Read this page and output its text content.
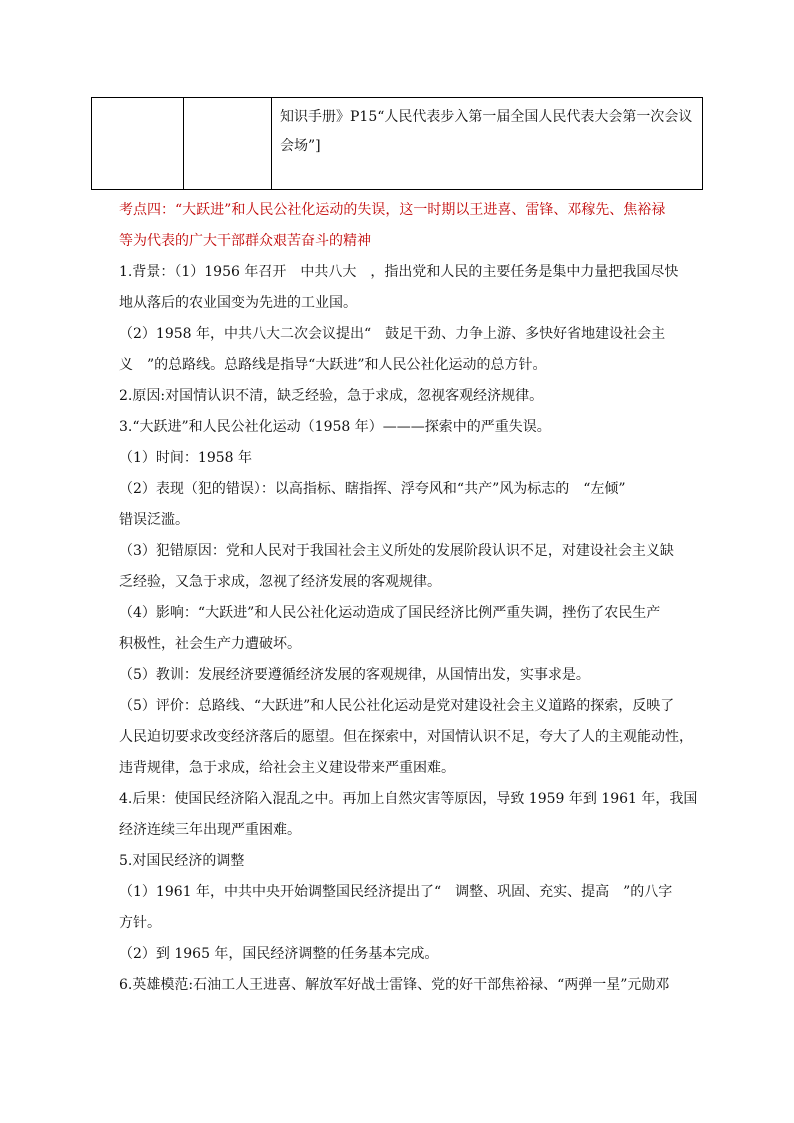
		知识手册》P15“人民代表步入第一届全国人民代表大会第一次会议会场”]
考点四：“大跃进”和人民公社化运动的失误，这一时期以王进喜、雷锋、邓稼先、焦裕禄
等为代表的广大干部群众艰苦奋斗的精神
1.背景：（1）1956 年召开　中共八大　，指出党和人民的主要任务是集中力量把我国尽快
地从落后的农业国变为先进的工业国。
（2）1958 年，中共八大二次会议提出“　鼓足干劲、力争上游、多快好省地建设社会主
义　”的总路线。总路线是指导“大跃进”和人民公社化运动的总方针。
2.原因:对国情认识不清，缺乏经验，急于求成，忽视客观经济规律。
3.“大跃进”和人民公社化运动（1958 年）———探索中的严重失误。
（1）时间：1958 年
（2）表现（犯的错误）：以高指标、瞎指挥、浮夸风和“共产”风为标志的　“左倾”
错误泛滥。
（3）犯错原因：党和人民对于我国社会主义所处的发展阶段认识不足，对建设社会主义缺
乏经验，又急于求成，忽视了经济发展的客观规律。
（4）影响：“大跃进”和人民公社化运动造成了国民经济比例严重失调，挫伤了农民生产
积极性，社会生产力遭破坏。
（5）教训：发展经济要遵循经济发展的客观规律，从国情出发，实事求是。
（5）评价：总路线、“大跃进”和人民公社化运动是党对建设社会主义道路的探索，反映了
人民迫切要求改变经济落后的愿望。但在探索中，对国情认识不足，夸大了人的主观能动性，
违背规律，急于求成，给社会主义建设带来严重困难。
4.后果：使国民经济陷入混乱之中。再加上自然灾害等原因，导致 1959 年到 1961 年，我国
经济连续三年出现严重困难。
5.对国民经济的调整
（1）1961 年，中共中央开始调整国民经济提出了“　调整、巩固、充实、提高　”的八字
方针。
（2）到 1965 年，国民经济调整的任务基本完成。
6.英雄模范:石油工人王进喜、解放军好战士雷锋、党的好干部焦裕禄、“两弹一星”元勋邓
